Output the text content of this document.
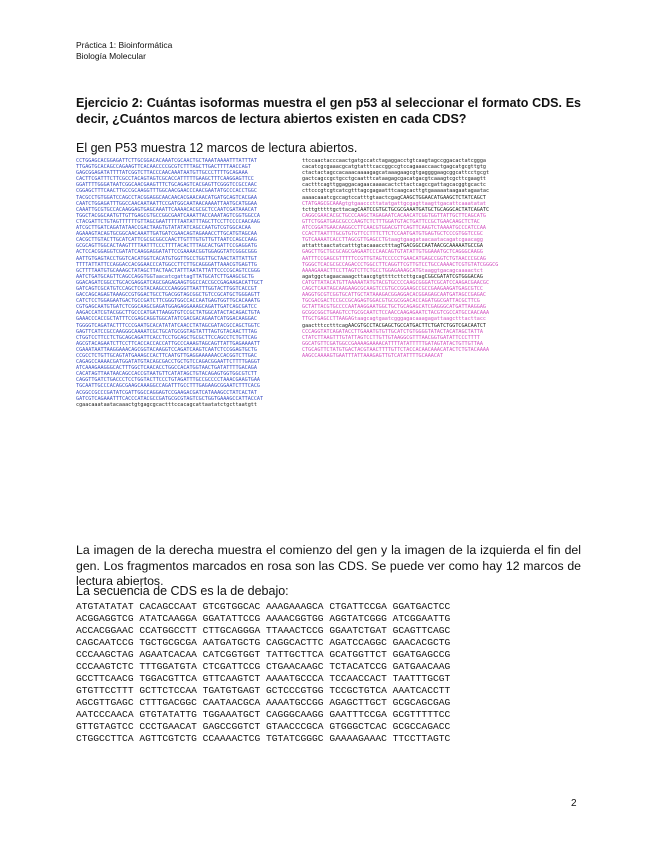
Práctica 1: Bioinformática
Biología Molecular
Ejercicio 2: Cuántas isoformas muestra el gen p53 al seleccionar el formato CDS. Es decir, ¿Cuántos marcos de lectura abiertos existen en cada CDS?
El gen P53 muestra 12 marcos de lectura abiertos.
CCTGGAGCACGGAGATTCTTGCGGACACAAATCGCAACTGCTAAATAAAATTTATTTAT
TTGAGTGCACAGCCAGAAGTTCACAACCCCGCGTCTTTAGCTTGACTTTTAACCAGT
GAGCGGAGATATTTTATCGGTCTTACCCAACAAATAATGTTGCCCTTTTGCAGAAA
CACTTCGATTTCTTCGCCTACAGTAGTCGCACCATTTTTGAAGCTTTCAAGGAGTTCC
GGATTTTGGGATAATCGGCAACGAAGTTTCTGCAGAGTCACGAGTTCGGGTCCGCCAAC
CGGAGCTTTCAACTTGCCGCAAGGTTTGGCAACGAACCCAACGAATATGCCCACCTGGC
TACGCCTGTGGATCCAGCCTACGGAGGCAACAACACGAACAACATGATGCAGTCACGAA
CAATCTGGAGATTTGGCCAACAATAATTCCGATGGCAATAACAAAATTAATGCATGGAA
CAAATTGCGTGCCACAAGGAGTGAGCAAATTCAAAACACGCGCTCCAATCGATAAACAT
TGGCTACGGCAATGTTGTTGAGCGTGCCGGCGAATCAAATTACCAAATAGTCGGTGGCCA
CTACGATTCTGTAGTTTTTTGTTAGCGAATTTTTAATATTTAGCTTCCTTCCCCAACAAG
ATCGCTTGATCAGATATAACCGACTAAGTGTATATATCAGCCAATGTCGTGGCACAA
AGAAAGTACAGTGCGGCAACAAATTGATGATCGAACAGTAGAAACCTTGCATGTAGCAA
CACGCTTGTACTTGCATCATTCGCGCGGCCAACTTGTTTGTGTTGTTAATCCAGCCAAG
GCGCAGTTGGCACTAAGTTTTAATTTCCCTTTTACACTTTAGCACTGATTCCGAGGATG
ACTCCACGGAGGTCGATATCAAGGAGGATATTCCGAAAACGGTGGAGGTATCGGGCGGG
AATTGTGAGTACCTGGTCACATGGTCACATGTGGTTGCCTGGTTGCTAACTATTATTGT
TTTTATTATTCCAGGACCACGGAACCCATGGCCTTCTTGCAGGGATTAAACGTGAGTTG
GCTTTTAATGTGCAAAGCTATAGCTTACTAACTATTTAATATTATTCCCCGCAGTCCGGG
AATCTGATGCAGTTCAGCCAGGTGGTaacatcgattagTTATGCATCTTGAAGCGCTG
GGACAGATCGGCCTGCACGAGGATCAGCGAGAGAAGTGGCCACCGCCGAGAAGACATTGCT
GATCAGTCGCATGTCCAGCTCGTACAAGCCCAAGGGTTAATTTGGTACTTGGTCACCGT
GACCAGCAGAGTAAAGCCGTGGACTGCCTGACGGTAGCGGCTGTCCGCATGCTGGGAGTT
CATCTCCTGGAGAATGACTGCCGATCTTCGGGTGGCCACCAATGAGTGGTTGCACAAATG
CGTGAGCAATGTGATCTCGGCAAGCGAGATGGAGAGGAAAGCAGATTGATCAGCGATCC
AAGACCATCGTACGGCTTGCCCATGATTAAGGTGTCCGCTATGGCATACTACAGACTGTA
GAAACCCACCGCTATTTCCGAGCAGGTGGCATATCGACGACAGAATCATGGACAAGGAC
TGGGGTCAGATACTTTCCCGAATGCACATATATCAACCTATAGCGATACGCCAGCTGGTC
GAGTTCATCCGCCAAGGGCAAAATCGCTGCATGCGGTAGTATTTAGTGTACAACTTTAG
CTGGTCCTTCCTCTGCAGCAGATTCACCTCCTGCAGCTGCGCTTCCAGCCTCTGTTCAG
AGCGTACAGAATCTTCCTTCACCACCACCATTGCCCAAAGTAGCAGTTATTGAGAAAATT
CGAAATAATTAAGGAAACAGCGGTACAAGGTCCAGATCAAGTCAATCTCCGGAGTGCTG
CCGCCTCTGTTGCAGTATGAAAGCCACTTCAATGTTGAGGAAAAAACCACGGTCTTGAC
CAGAGCCAAAACGATGGATATGTACAGCGACCTGCTGTCCAGACGGAATTCTTTTGAGGT
ATCAAAGAAGGGCACTTTGGCTCAACACCTGGCCACATGGTAACTGATATTTTGACAGA
CACATAGTTAATAACAGCCACCGTAATGTTCATATAGCTGTACAGAGTGGTGGCGTCTT
CAGGTTGATCTGACCCTCCTGGTACTTCCCTGTAGATTTGCCGCCCCTAAACGAAGTGAA
TGCAATTGCCCACAGCGAAGCAAAGGCCAGATTTGCCTTTGAGAAGCGGAATCTTTCACG
ACGGCCGCCCGATATCGATTGGCCAGGAGTCCGAAGACGATCATAAAGCCTATCACTAT
GATCGTCAGAAATTTCACCCATACGCCGATGCGCGTAGTCGCTGGTGAAAGCCATTACCAT
cgaacaaataatacaaactgtgagcgcactttccacagcattaatatctgcttaatgtt
ttccaactacccaactgatgccatctagaggacctgtcaagtagccggacactatcggga
cacatcgcgaaacgcatgtatttcaccggccgtccagaaaccaactgagcatgcgttgtg
ctactactagccacaaacaaaagagcataaagaagcgtgaggggaagcggcattcctgcgt
gactcagccgctgcctgcaatttcataagagcgacatgacgtcaaagtcgcttcgaagtt
cactttcagttggaggacagaacaaaacactcttactcagccgattagcacggtgcactc
cttcccgtcgtcatcgtttagcgagaatttcaagcacttgtgaaaaataagaatagaatac
aaaacaaatcgccagtccatttgtaactcgagCAAGCTGGAACATGAAGCTCTATCAGCT
CTATGAGCGCAAAgtgtgaacccttatatgattgcgagttaagttgacattcaaatatat
tcttgtttttgcttacagCAATCCGTGCTGCGCGAAATGATGCTGCAGGCACTATCAGATC
CAGGCGAACACGCTGCCCAAGCTAGAGAATCACAACATCGGTGGTTATTGCTTCAGCATG
GTTCTGGATGAGCGCCCAAGTCTCTTTGGATGTACTGATTCCGCTGAACAAGCTCTAC
ATCCGGATGAACAAGGCCTTCAACGTGGACGTTCAGTTCAAGTCTAAAATGCCCATCCAA
CCACTTAATTTGCGTGTGTTCCTTTCTTCTCCAATGATGTGAGTGCTCCCGTGGTCCGC
TGTCAAAATCACCTTAGCGTTGAGCCTGtaagtgaagataacaatacagatcgaacagg
attatttaactatcatttgtacaaacctttagTGACGGCCAATAACGCAAAAATGCCGA
GAGCTTGCTGCGCAGCGAGAATCCCAACAGTGTATATTGTGGAAATGCTCAGGGCAAGG
AATTTCCGAGCGTTTTTCCGTTGTAGTCCCCCTGAACATGAGCCGGTCTGTAACCCGCAG
TGGGCTCACGCGCCAGACCCTGGCCTTCAGGTTCGTTGTCCTGCCAAAACTCGTGTATCGGGCG
AAAAGAAACTTCCTTAGTCTTCTGCCTGGAGAAAGCATGtaaggtgacagcaaaactct
agatggctagaacaaagcttaacgtgttttcttcttgcagCGGCGATATCGTGGGACAG
CATGTTATACATGTTAAAAATATGTACGTGCCCCAAGCGGGATCGCATCCAAGACGAACGC
CAGCTCAATAGCAAGAAGCGCAAGTCCGTGCCGGAAGCCGCCGAAGAAGATGAGCGTCC
AAGGTGCGTCGGTGCATTGCTATAAAGACGGAGGACACGGAGAGCAATGATAGCCGAGAC
TGCGACGACTCCGCCGCAGAGTGGACGTGCGCGGACACCAGATGGCGATTACGCTTCG
GCTATTACGTGCCCCAATAAGGAATGGCTGCTGCAGAGCATCGAGGGCATGATTAAGGAG
GCGGCGGCTGAAGTCCTGCGCAATCTCCAACCAAGAGAATCTACGTCGCCATGCCAACAAA
TTGCTGAGCCTTAAGAGtaagcagtgaatcgggagacaaagagattaagctttacttacc
gaactttcctttcagAACGTGCCTACGAGCTGCCATGACTTCTGATCTGGTCGACAATCT
CCCAGGTATCAGATACCTTGAAATGTGTTGCATCTGTGGGGTATACTACATAGCTATTA
CTATCTTAAGTTTGTATTAGTCCTTGTTGTAAGGCGTTTAACGGTGATATTCCCTTTT
GGCATGTTCGATGGCCGAAAAGAAAACATTTTATATTTTTGATAGTATACTGTTGTTAA
CTGCAGTTCTATGTGACTACGTAACTTTTGTTCTACCACAACAAACATACTCTGTACAAAA
AAGCCAAAAGTGAATTTATTAAAGAGTTGTCATATTTTGCAAACAT
La imagen de la derecha muestra el comienzo del gen y la imagen de la izquierda el fin del gen. Los fragmentos marcados en rosa son las CDS. Se puede ver como hay 12 marcos de lectura abiertos.
La secuencia de CDS es la de debajo:
ATGTATATAT CACAGCCAAT GTCGTGGCAC AAAGAAAGCA CTGATTCCGA GGATGACTCC
ACGGAGGTCG ATATCAAGGA GGATATTCCG AAAACGGTGG AGGTATCGGG ATCGGAATTG
ACCACGGAAC CCATGGCCTT CTTGCAGGGA TTAAACTCCG GGAATCTGAT GCAGTTCAGC
CAGCAATCCG TGCTGCGCGA AATGATGCTG CAGGCACTTC AGATCCAGGC GAACACGCTG
CCCAAGCTAG AGAATCACAA CATCGGTGGT TATTGCTTCA GCATGGTTCT GGATGAGCCG
CCCAAGTCTC TTTGGATGTA CTCGATTCCG CTGAACAAGC TCTACATCCG GATGAACAAG
GCCTTCAACG TGGACGTTCA GTTCAAGTCT AAAATGCCCA TCCAACCACT TAATTTGCGT
GTGTTCCTTT GCTTCTCCAA TGATGTGAGT GCTCCCGTGG TCCGCTGTCA AAATCACCTT
AGCGTTGAGC CTTTGACGGC CAATAACGCA AAAATGCCGG AGAGCTTGCT GCGCAGCGAG
AATCCCAACA GTGTATATTG TGGAAATGCT CAGGGCAAGG GAATTTCCGA GCGTTTTTCC
GTTGTAGTCC CCCTGAACAT GAGCCGGTCT GTAACCCGCA GTGGGCTCAC GCGCCAGACC
CTGGCCTTCA AGTTCGTCTG CCAAAACTCG TGTATCGGGC GAAAAGAAAC TTCCTTAGTC
2
